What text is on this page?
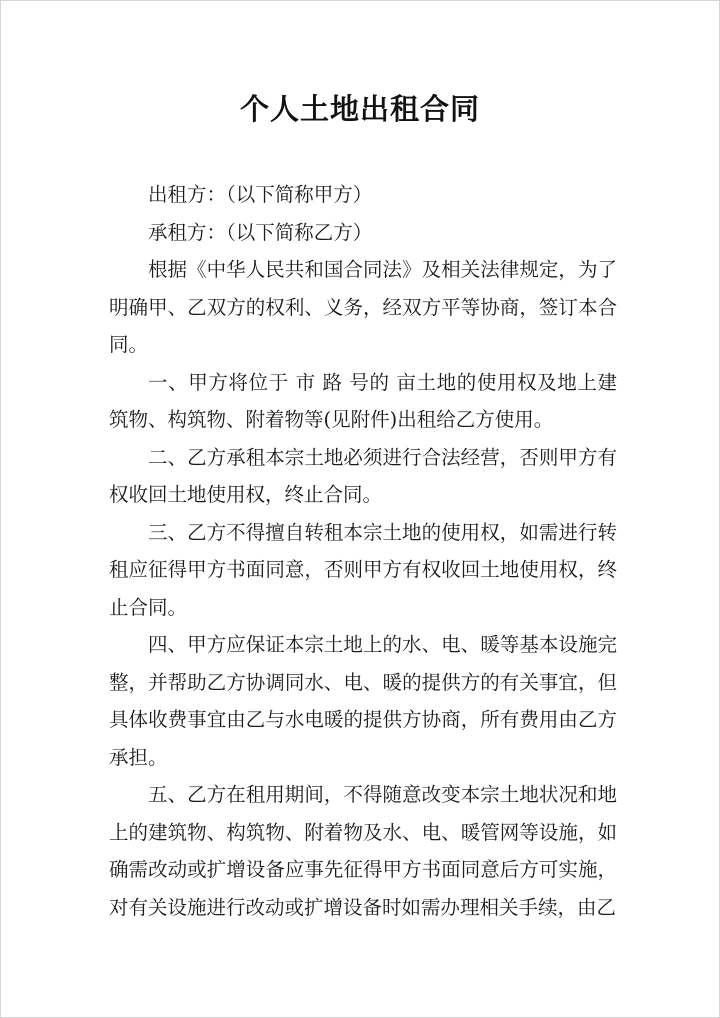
个人土地出租合同

出租方：（以下简称甲方）

承租方：（以下简称乙方）

根据《中华人民共和国合同法》及相关法律规定，为了明确甲、乙双方的权利、义务，经双方平等协商，签订本合同。

一、甲方将位于 市 路 号的 亩土地的使用权及地上建筑物、构筑物、附着物等(见附件)出租给乙方使用。

二、乙方承租本宗土地必须进行合法经营，否则甲方有权收回土地使用权，终止合同。

三、乙方不得擅自转租本宗土地的使用权，如需进行转租应征得甲方书面同意，否则甲方有权收回土地使用权，终止合同。

四、甲方应保证本宗土地上的水、电、暖等基本设施完整，并帮助乙方协调同水、电、暖的提供方的有关事宜，但具体收费事宜由乙与水电暖的提供方协商，所有费用由乙方承担。

五、乙方在租用期间，不得随意改变本宗土地状况和地上的建筑物、构筑物、附着物及水、电、暖管网等设施，如确需改动或扩增设备应事先征得甲方书面同意后方可实施，对有关设施进行改动或扩增设备时如需办理相关手续，由乙
